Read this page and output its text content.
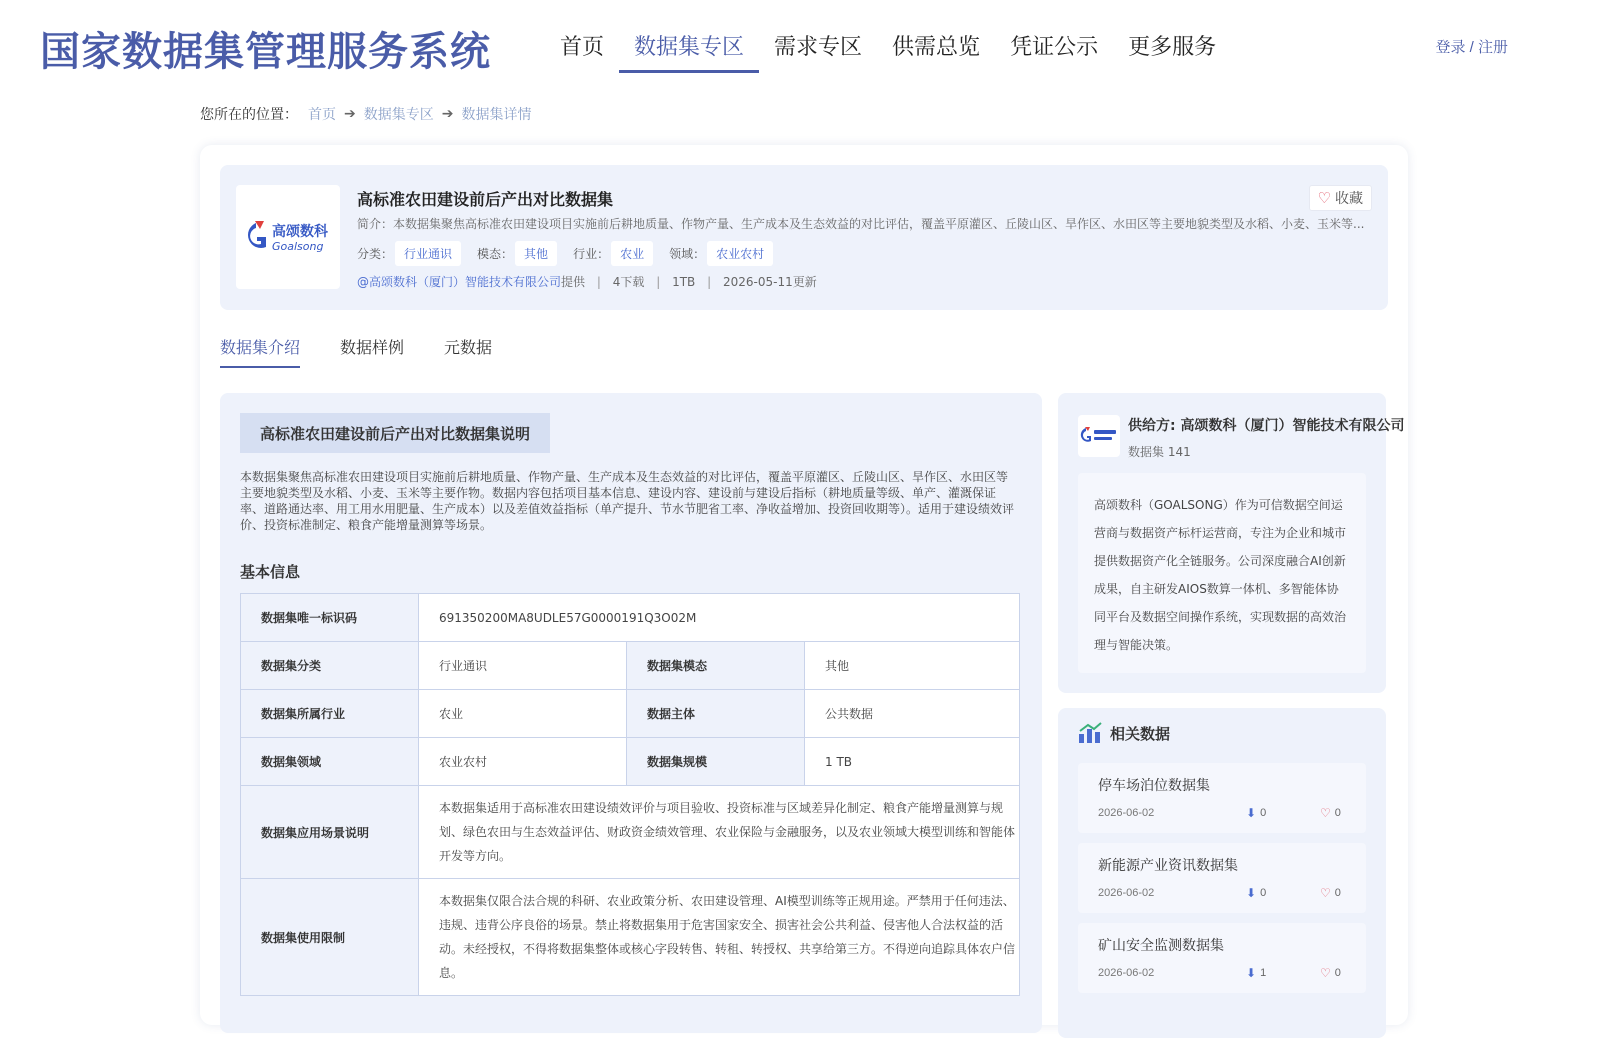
国家数据集管理服务系统	首页	数据集专区	需求专区	供需总览	凭证公示	更多服务	登录 / 注册
您所在的位置： 首页 ➔ 数据集专区 ➔ 数据集详情
高颂数科
Goalsong
高标准农田建设前后产出对比数据集	♡ 收藏
简介：本数据集聚焦高标准农田建设项目实施前后耕地质量、作物产量、生产成本及生态效益的对比评估，覆盖平原灌区、丘陵山区、旱作区、水田区等主要地貌类型及水稻、小麦、玉米等...
分类： 行业通识	模态： 其他	行业： 农业	领域： 农业农村
@高颂数科（厦门）智能技术有限公司提供 | 4下载 | 1TB | 2026-05-11更新
数据集介绍	数据样例	元数据
高标准农田建设前后产出对比数据集说明
本数据集聚焦高标准农田建设项目实施前后耕地质量、作物产量、生产成本及生态效益的对比评估，覆盖平原灌区、丘陵山区、旱作区、水田区等主要地貌类型及水稻、小麦、玉米等主要作物。数据内容包括项目基本信息、建设内容、建设前与建设后指标（耕地质量等级、单产、灌溉保证率、道路通达率、用工用水用肥量、生产成本）以及差值效益指标（单产提升、节水节肥省工率、净收益增加、投资回收期等）。适用于建设绩效评价、投资标准制定、粮食产能增量测算等场景。
基本信息
数据集唯一标识码	691350200MA8UDLE57G0000191Q3O02M		
数据集分类	行业通识	数据集模态	其他
数据集所属行业	农业	数据主体	公共数据
数据集领域	农业农村	数据集规模	1 TB
数据集应用场景说明	本数据集适用于高标准农田建设绩效评价与项目验收、投资标准与区域差异化制定、粮食产能增量测算与规划、绿色农田与生态效益评估、财政资金绩效管理、农业保险与金融服务，以及农业领域大模型训练和智能体开发等方向。		
数据集使用限制	本数据集仅限合法合规的科研、农业政策分析、农田建设管理、AI模型训练等正规用途。严禁用于任何违法、违规、违背公序良俗的场景。禁止将数据集用于危害国家安全、损害社会公共利益、侵害他人合法权益的活动。未经授权，不得将数据集整体或核心字段转售、转租、转授权、共享给第三方。不得逆向追踪具体农户信息。		
供给方: 高颂数科（厦门）智能技术有限公司
数据集 141
高颂数科（GOALSONG）作为可信数据空间运营商与数据资产标杆运营商，专注为企业和城市提供数据资产化全链服务。公司深度融合AI创新成果，自主研发AIOS数算一体机、多智能体协同平台及数据空间操作系统，实现数据的高效治理与智能决策。
相关数据
停车场泊位数据集
2026-06-02	⬇ 0	♡ 0
新能源产业资讯数据集
2026-06-02	⬇ 0	♡ 0
矿山安全监测数据集
2026-06-02	⬇ 1	♡ 0
